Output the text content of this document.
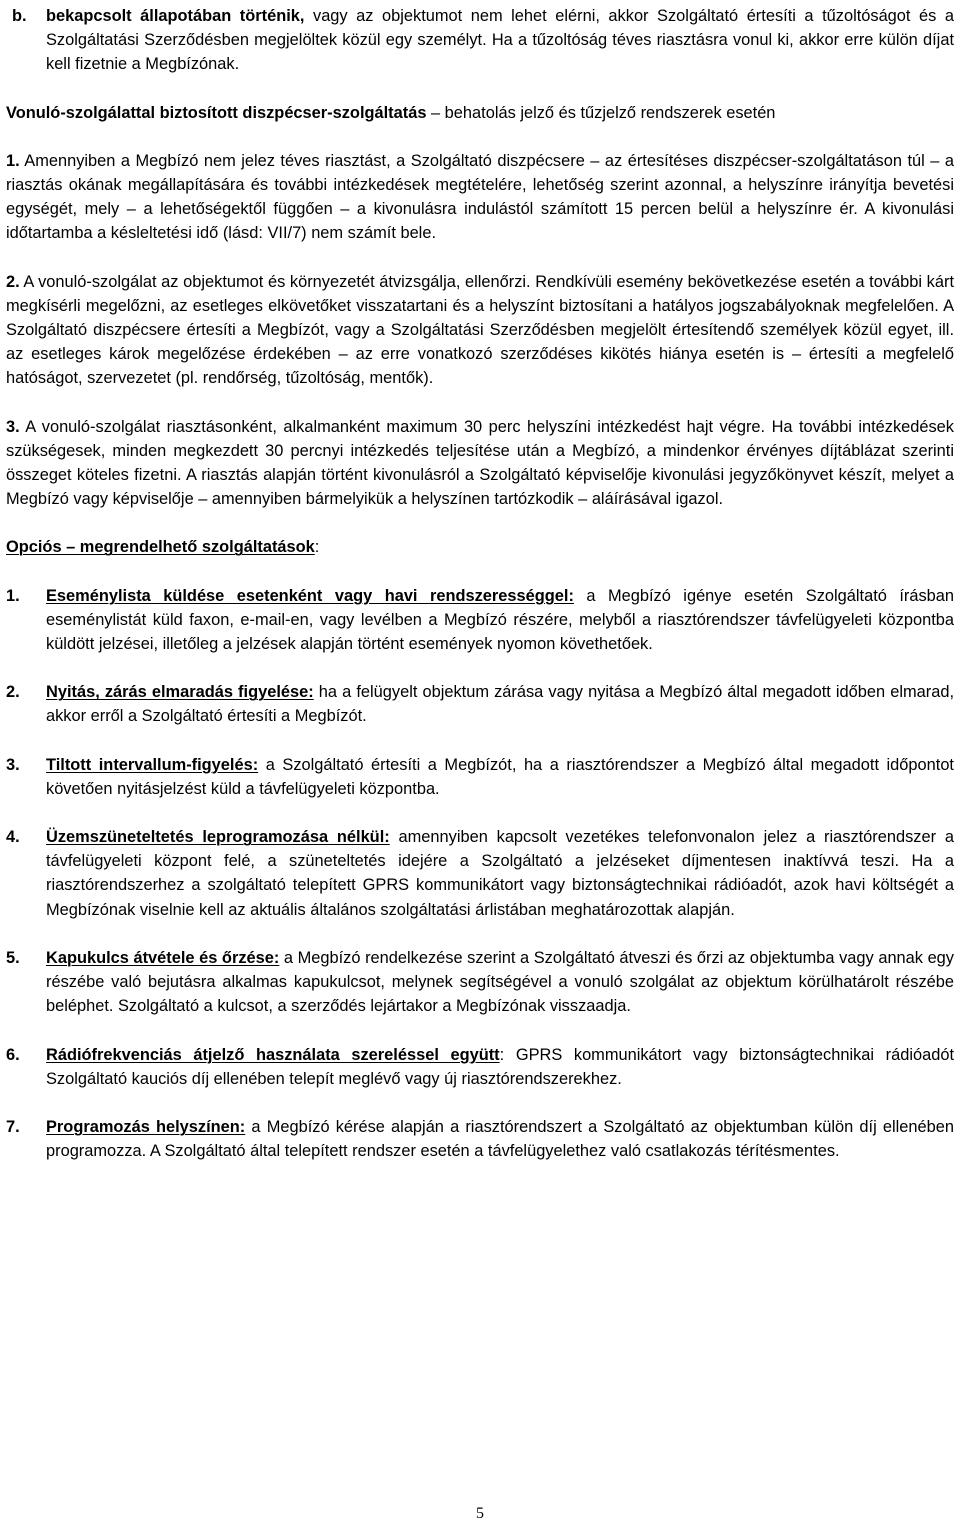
b. bekapcsolt állapotában történik, vagy az objektumot nem lehet elérni, akkor Szolgáltató értesíti a tűzoltóságot és a Szolgáltatási Szerződésben megjelöltek közül egy személyt. Ha a tűzoltóság téves riasztásra vonul ki, akkor erre külön díjat kell fizetnie a Megbízónak.

Vonuló-szolgálattal biztosított diszpécser-szolgáltatás – behatolás jelző és tűzjelző rendszerek esetén

1. Amennyiben a Megbízó nem jelez téves riasztást, a Szolgáltató diszpécsere – az értesítéses diszpécser-szolgáltatáson túl – a riasztás okának megállapítására és további intézkedések megtételére, lehetőség szerint azonnal, a helyszínre irányítja bevetési egységét, mely – a lehetőségektől függően – a kivonulásra indulástól számított 15 percen belül a helyszínre ér. A kivonulási időtartamba a késleltetési idő (lásd: VII/7) nem számít bele.

2. A vonuló-szolgálat az objektumot és környezetét átvizsgálja, ellenőrzi. Rendkívüli esemény bekövetkezése esetén a további kárt megkísérli megelőzni, az esetleges elkövetőket visszatartani és a helyszínt biztosítani a hatályos jogszabályoknak megfelelően. A Szolgáltató diszpécsere értesíti a Megbízót, vagy a Szolgáltatási Szerződésben megjelölt értesítendő személyek közül egyet, ill. az esetleges károk megelőzése érdekében – az erre vonatkozó szerződéses kikötés hiánya esetén is – értesíti a megfelelő hatóságot, szervezetet (pl. rendőrség, tűzoltóság, mentők).

3. A vonuló-szolgálat riasztásonként, alkalmanként maximum 30 perc helyszíni intézkedést hajt végre. Ha további intézkedések szükségesek, minden megkezdett 30 percnyi intézkedés teljesítése után a Megbízó, a mindenkor érvényes díjtáblázat szerinti összeget köteles fizetni. A riasztás alapján történt kivonulásról a Szolgáltató képviselője kivonulási jegyzőkönyvet készít, melyet a Megbízó vagy képviselője – amennyiben bármelyikük a helyszínen tartózkodik – aláírásával igazol.

Opciós – megrendelhető szolgáltatások:

1. Eseménylista küldése esetenként vagy havi rendszerességgel: a Megbízó igénye esetén Szolgáltató írásban eseménylistát küld faxon, e-mail-en, vagy levélben a Megbízó részére, melyből a riasztórendszer távfelügyeleti központba küldött jelzései, illetőleg a jelzések alapján történt események nyomon követhetőek.
2. Nyitás, zárás elmaradás figyelése: ha a felügyelt objektum zárása vagy nyitása a Megbízó által megadott időben elmarad, akkor erről a Szolgáltató értesíti a Megbízót.
3. Tiltott intervallum-figyelés: a Szolgáltató értesíti a Megbízót, ha a riasztórendszer a Megbízó által megadott időpontot követően nyitásjelzést küld a távfelügyeleti központba.
4. Üzemszüneteltetés leprogramozása nélkül: amennyiben kapcsolt vezetékes telefonvonalon jelez a riasztórendszer a távfelügyeleti központ felé, a szüneteltetés idejére a Szolgáltató a jelzéseket díjmentesen inaktívvá teszi. Ha a riasztórendszerhez a szolgáltató telepített GPRS kommunikátort vagy biztonságtechnikai rádióadót, azok havi költségét a Megbízónak viselnie kell az aktuális általános szolgáltatási árlistában meghatározottak alapján.
5. Kapukulcs átvétele és őrzése: a Megbízó rendelkezése szerint a Szolgáltató átveszi és őrzi az objektumba vagy annak egy részébe való bejutásra alkalmas kapukulcsot, melynek segítségével a vonuló szolgálat az objektum körülhatárolt részébe beléphet. Szolgáltató a kulcsot, a szerződés lejártakor a Megbízónak visszaadja.
6. Rádiófrekvenciás átjelző használata szereléssel együtt: GPRS kommunikátort vagy biztonságtechnikai rádióadót Szolgáltató kauciós díj ellenében telepít meglévő vagy új riasztórendszerekhez.
7. Programozás helyszínen: a Megbízó kérése alapján a riasztórendszert a Szolgáltató az objektumban külön díj ellenében programozza. A Szolgáltató által telepített rendszer esetén a távfelügyelethez való csatlakozás térítésmentes.
5
